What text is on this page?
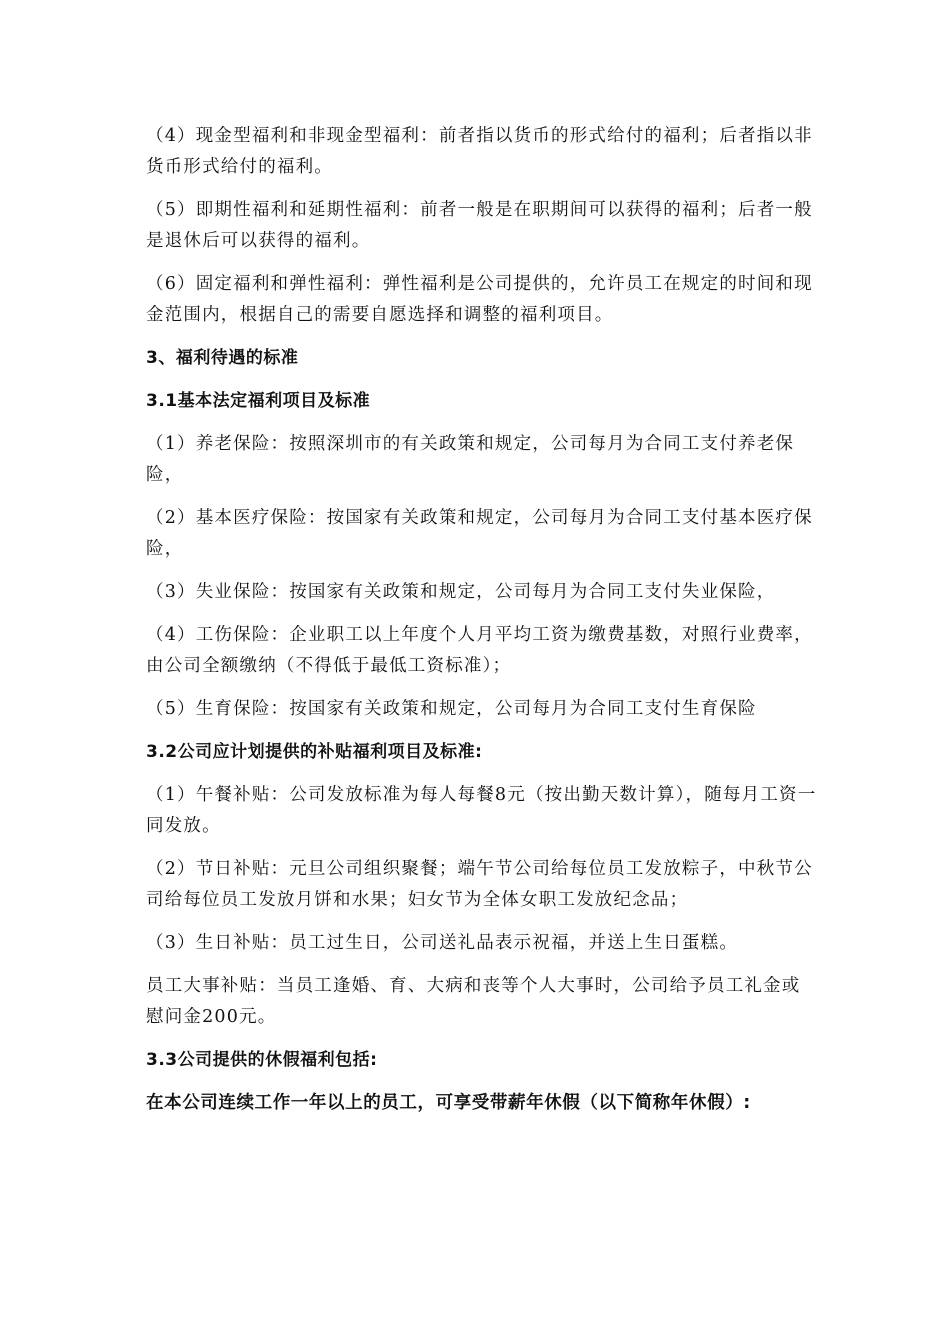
（4）现金型福利和非现金型福利：前者指以货币的形式给付的福利；后者指以非货币形式给付的福利。

（5）即期性福利和延期性福利：前者一般是在职期间可以获得的福利；后者一般是退休后可以获得的福利。

（6）固定福利和弹性福利：弹性福利是公司提供的，允许员工在规定的时间和现金范围内，根据自己的需要自愿选择和调整的福利项目。

3、福利待遇的标准

3.1基本法定福利项目及标准

（1）养老保险：按照深圳市的有关政策和规定，公司每月为合同工支付养老保险，

（2）基本医疗保险：按国家有关政策和规定，公司每月为合同工支付基本医疗保险，

（3）失业保险：按国家有关政策和规定，公司每月为合同工支付失业保险，

（4）工伤保险：企业职工以上年度个人月平均工资为缴费基数，对照行业费率，由公司全额缴纳（不得低于最低工资标准）；

（5）生育保险：按国家有关政策和规定，公司每月为合同工支付生育保险

3.2公司应计划提供的补贴福利项目及标准:

（1）午餐补贴：公司发放标准为每人每餐8元（按出勤天数计算），随每月工资一同发放。

（2）节日补贴：元旦公司组织聚餐；端午节公司给每位员工发放粽子，中秋节公司给每位员工发放月饼和水果；妇女节为全体女职工发放纪念品；

（3）生日补贴：员工过生日，公司送礼品表示祝福，并送上生日蛋糕。

员工大事补贴：当员工逢婚、育、大病和丧等个人大事时，公司给予员工礼金或慰问金200元。

3.3公司提供的休假福利包括:

在本公司连续工作一年以上的员工，可享受带薪年休假（以下简称年休假）:
